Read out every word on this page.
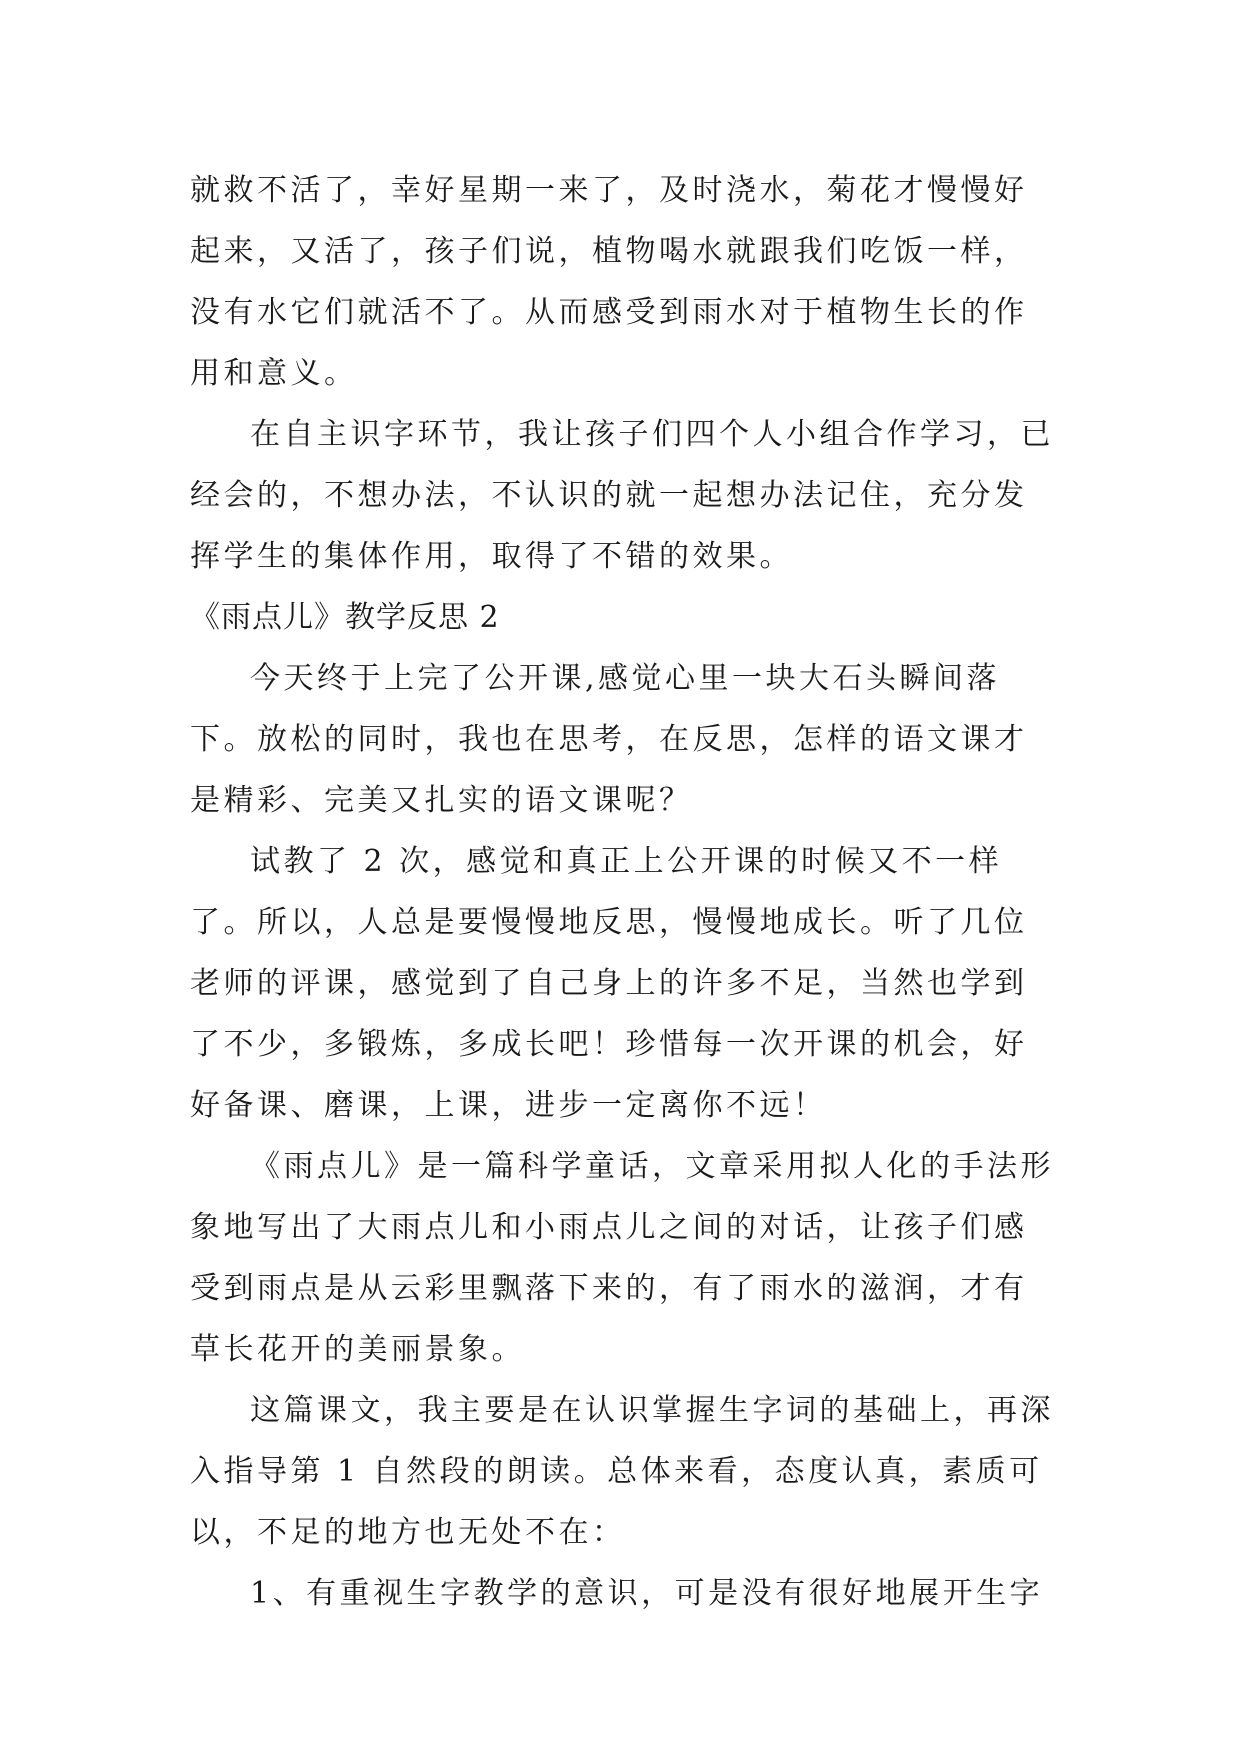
就救不活了，幸好星期一来了，及时浇水，菊花才慢慢好起来，又活了，孩子们说，植物喝水就跟我们吃饭一样，没有水它们就活不了。从而感受到雨水对于植物生长的作用和意义。

在自主识字环节，我让孩子们四个人小组合作学习，已经会的，不想办法，不认识的就一起想办法记住，充分发挥学生的集体作用，取得了不错的效果。

《雨点儿》教学反思 2

今天终于上完了公开课,感觉心里一块大石头瞬间落下。放松的同时，我也在思考，在反思，怎样的语文课才是精彩、完美又扎实的语文课呢？

试教了 2 次，感觉和真正上公开课的时候又不一样了。所以，人总是要慢慢地反思，慢慢地成长。听了几位老师的评课，感觉到了自己身上的许多不足，当然也学到了不少，多锻炼，多成长吧！珍惜每一次开课的机会，好好备课、磨课，上课，进步一定离你不远！

《雨点儿》是一篇科学童话，文章采用拟人化的手法形象地写出了大雨点儿和小雨点儿之间的对话，让孩子们感受到雨点是从云彩里飘落下来的，有了雨水的滋润，才有草长花开的美丽景象。

这篇课文，我主要是在认识掌握生字词的基础上，再深入指导第 1 自然段的朗读。总体来看，态度认真，素质可以，不足的地方也无处不在：

1、有重视生字教学的意识，可是没有很好地展开生字
